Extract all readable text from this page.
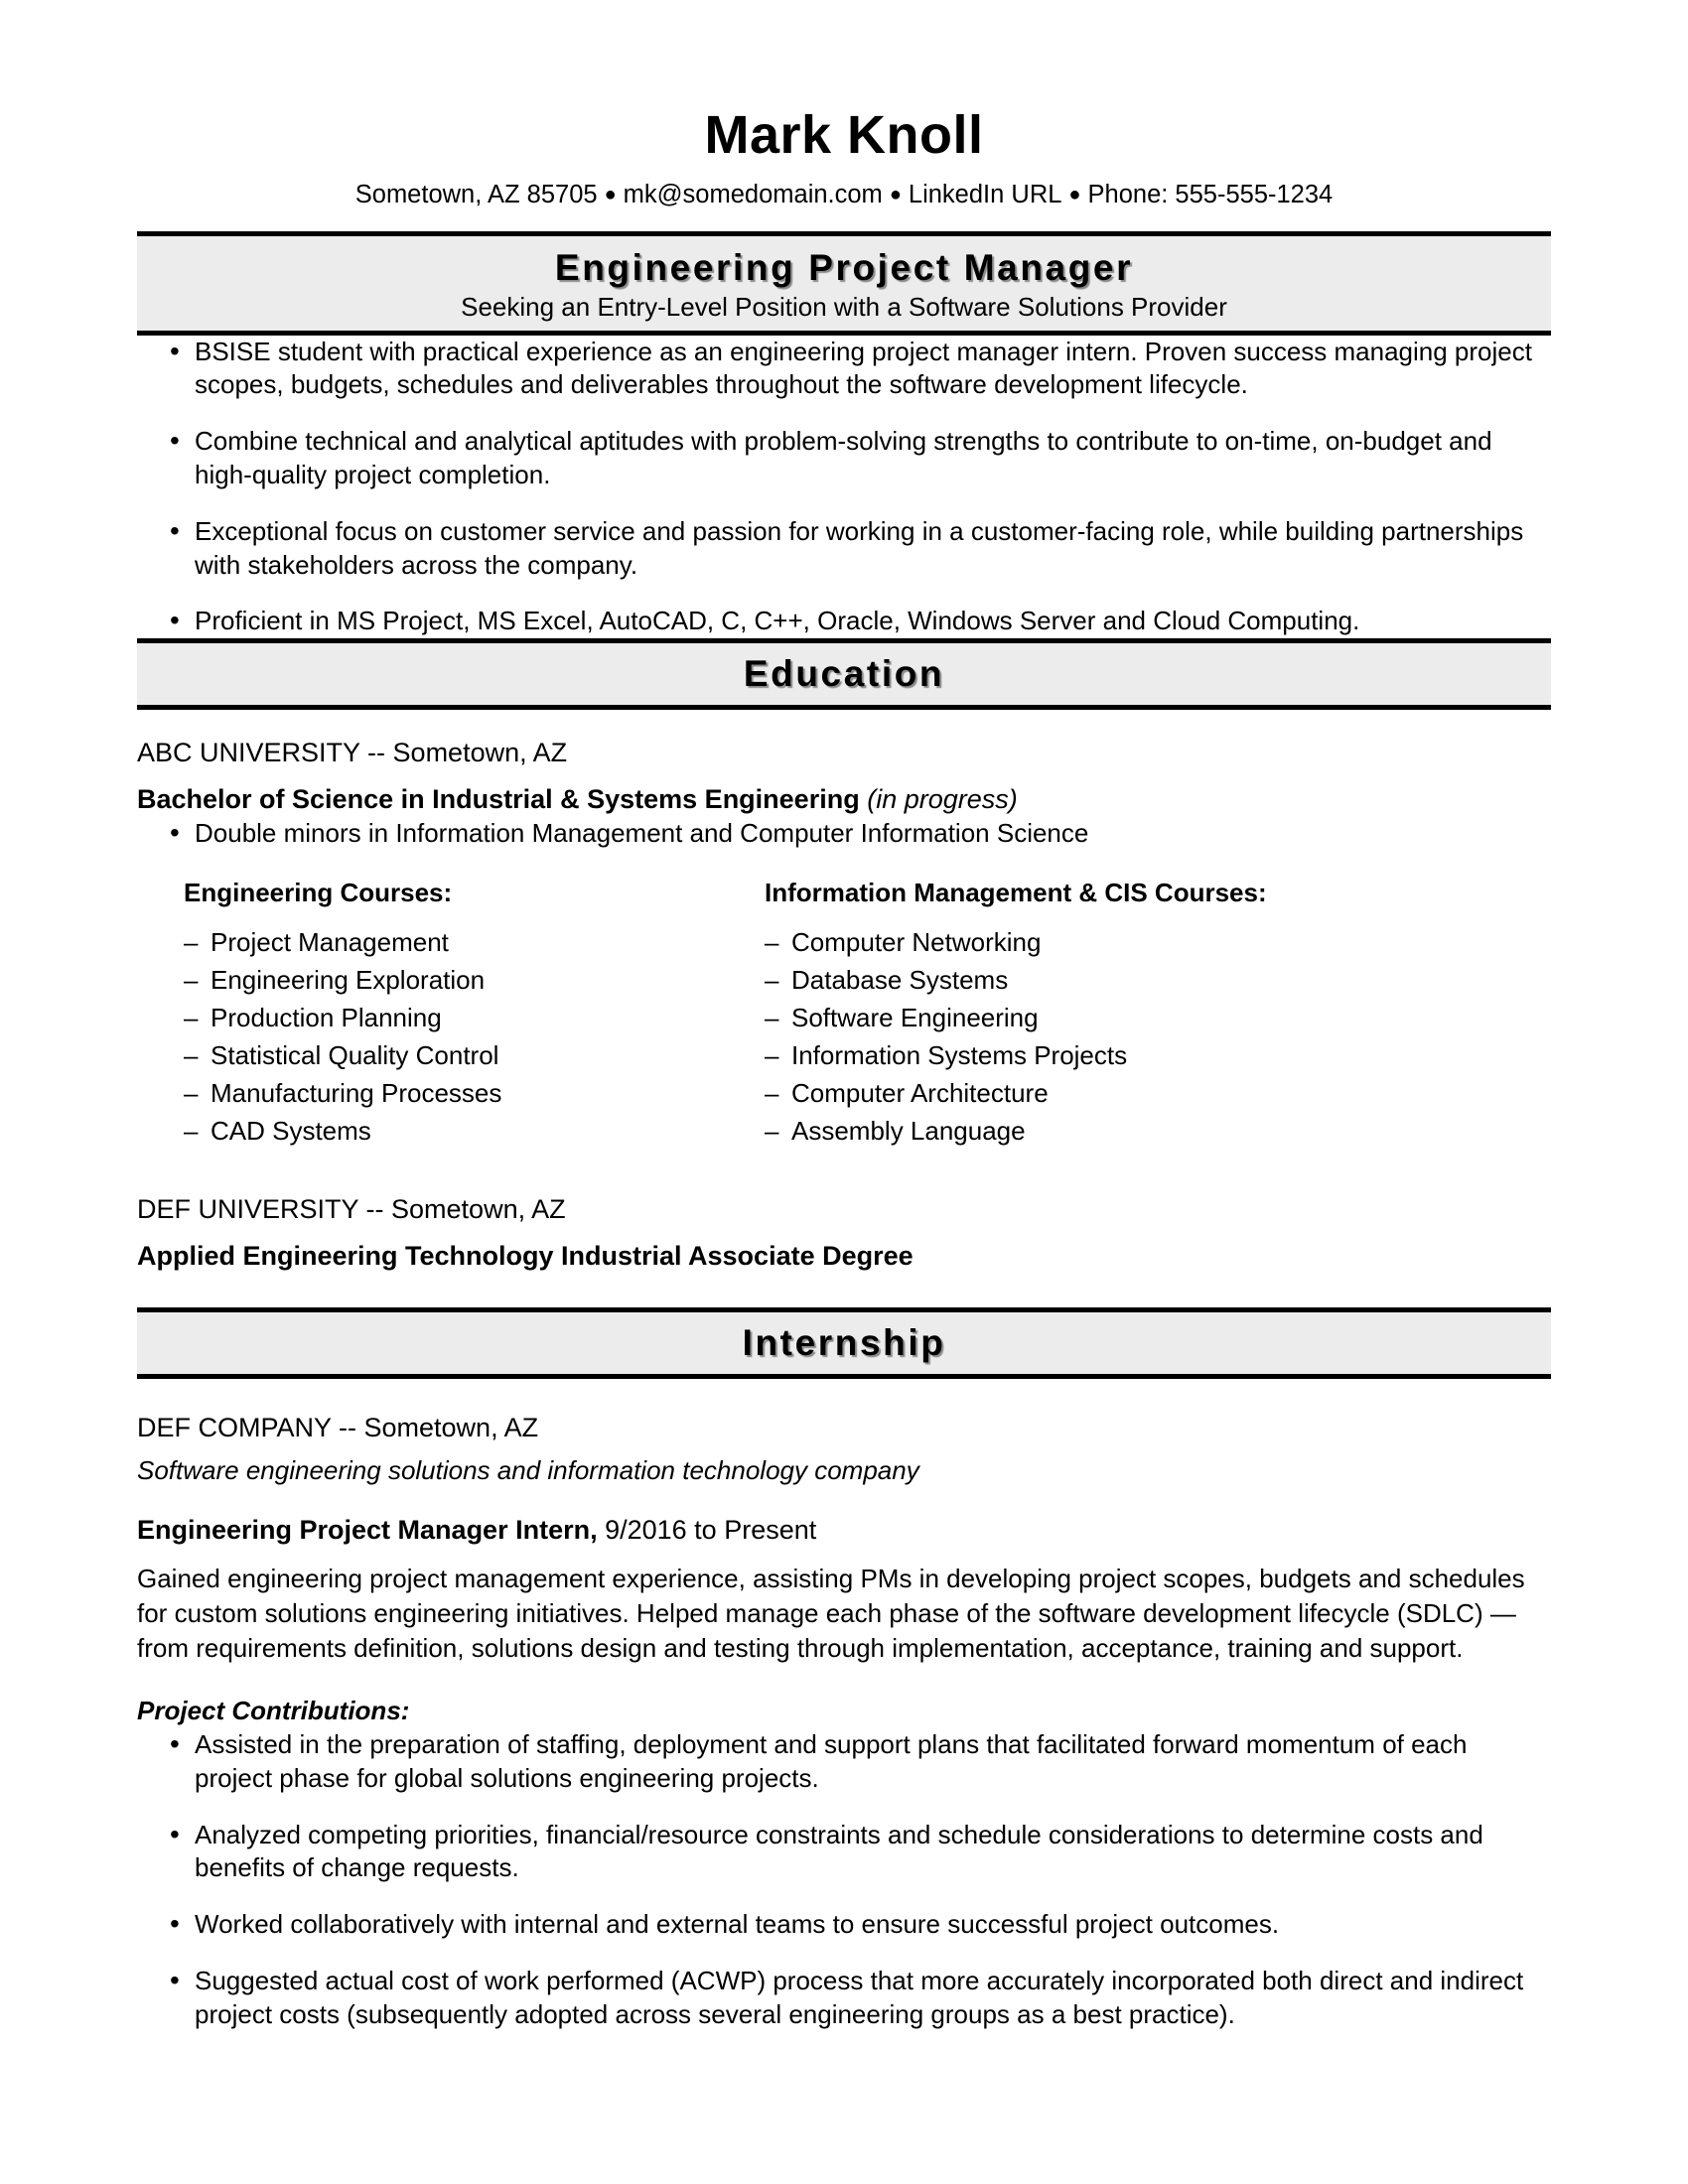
Mark Knoll

Sometown, AZ 85705 ● mk@somedomain.com ● LinkedIn URL ● Phone: 555-555-1234

Engineering Project Manager
Seeking an Entry-Level Position with a Software Solutions Provider
• BSISE student with practical experience as an engineering project manager intern. Proven success managing project scopes, budgets, schedules and deliverables throughout the software development lifecycle.
• Combine technical and analytical aptitudes with problem-solving strengths to contribute to on-time, on-budget and high-quality project completion.
• Exceptional focus on customer service and passion for working in a customer-facing role, while building partnerships with stakeholders across the company.
• Proficient in MS Project, MS Excel, AutoCAD, C, C++, Oracle, Windows Server and Cloud Computing.
Education

ABC UNIVERSITY -- Sometown, AZ

Bachelor of Science in Industrial & Systems Engineering (in progress)

• Double minors in Information Management and Computer Information Science

Engineering Courses:

– Project Management
– Engineering Exploration
– Production Planning
– Statistical Quality Control
– Manufacturing Processes
– CAD Systems

Information Management & CIS Courses:

– Computer Networking
– Database Systems
– Software Engineering
– Information Systems Projects
– Computer Architecture
– Assembly Language

DEF UNIVERSITY -- Sometown, AZ

Applied Engineering Technology Industrial Associate Degree

Internship

DEF COMPANY -- Sometown, AZ

Software engineering solutions and information technology company

Engineering Project Manager Intern, 9/2016 to Present

Gained engineering project management experience, assisting PMs in developing project scopes, budgets and schedules for custom solutions engineering initiatives. Helped manage each phase of the software development lifecycle (SDLC) — from requirements definition, solutions design and testing through implementation, acceptance, training and support.

Project Contributions:

• Assisted in the preparation of staffing, deployment and support plans that facilitated forward momentum of each project phase for global solutions engineering projects.
• Analyzed competing priorities, financial/resource constraints and schedule considerations to determine costs and benefits of change requests.
• Worked collaboratively with internal and external teams to ensure successful project outcomes.
• Suggested actual cost of work performed (ACWP) process that more accurately incorporated both direct and indirect project costs (subsequently adopted across several engineering groups as a best practice).
